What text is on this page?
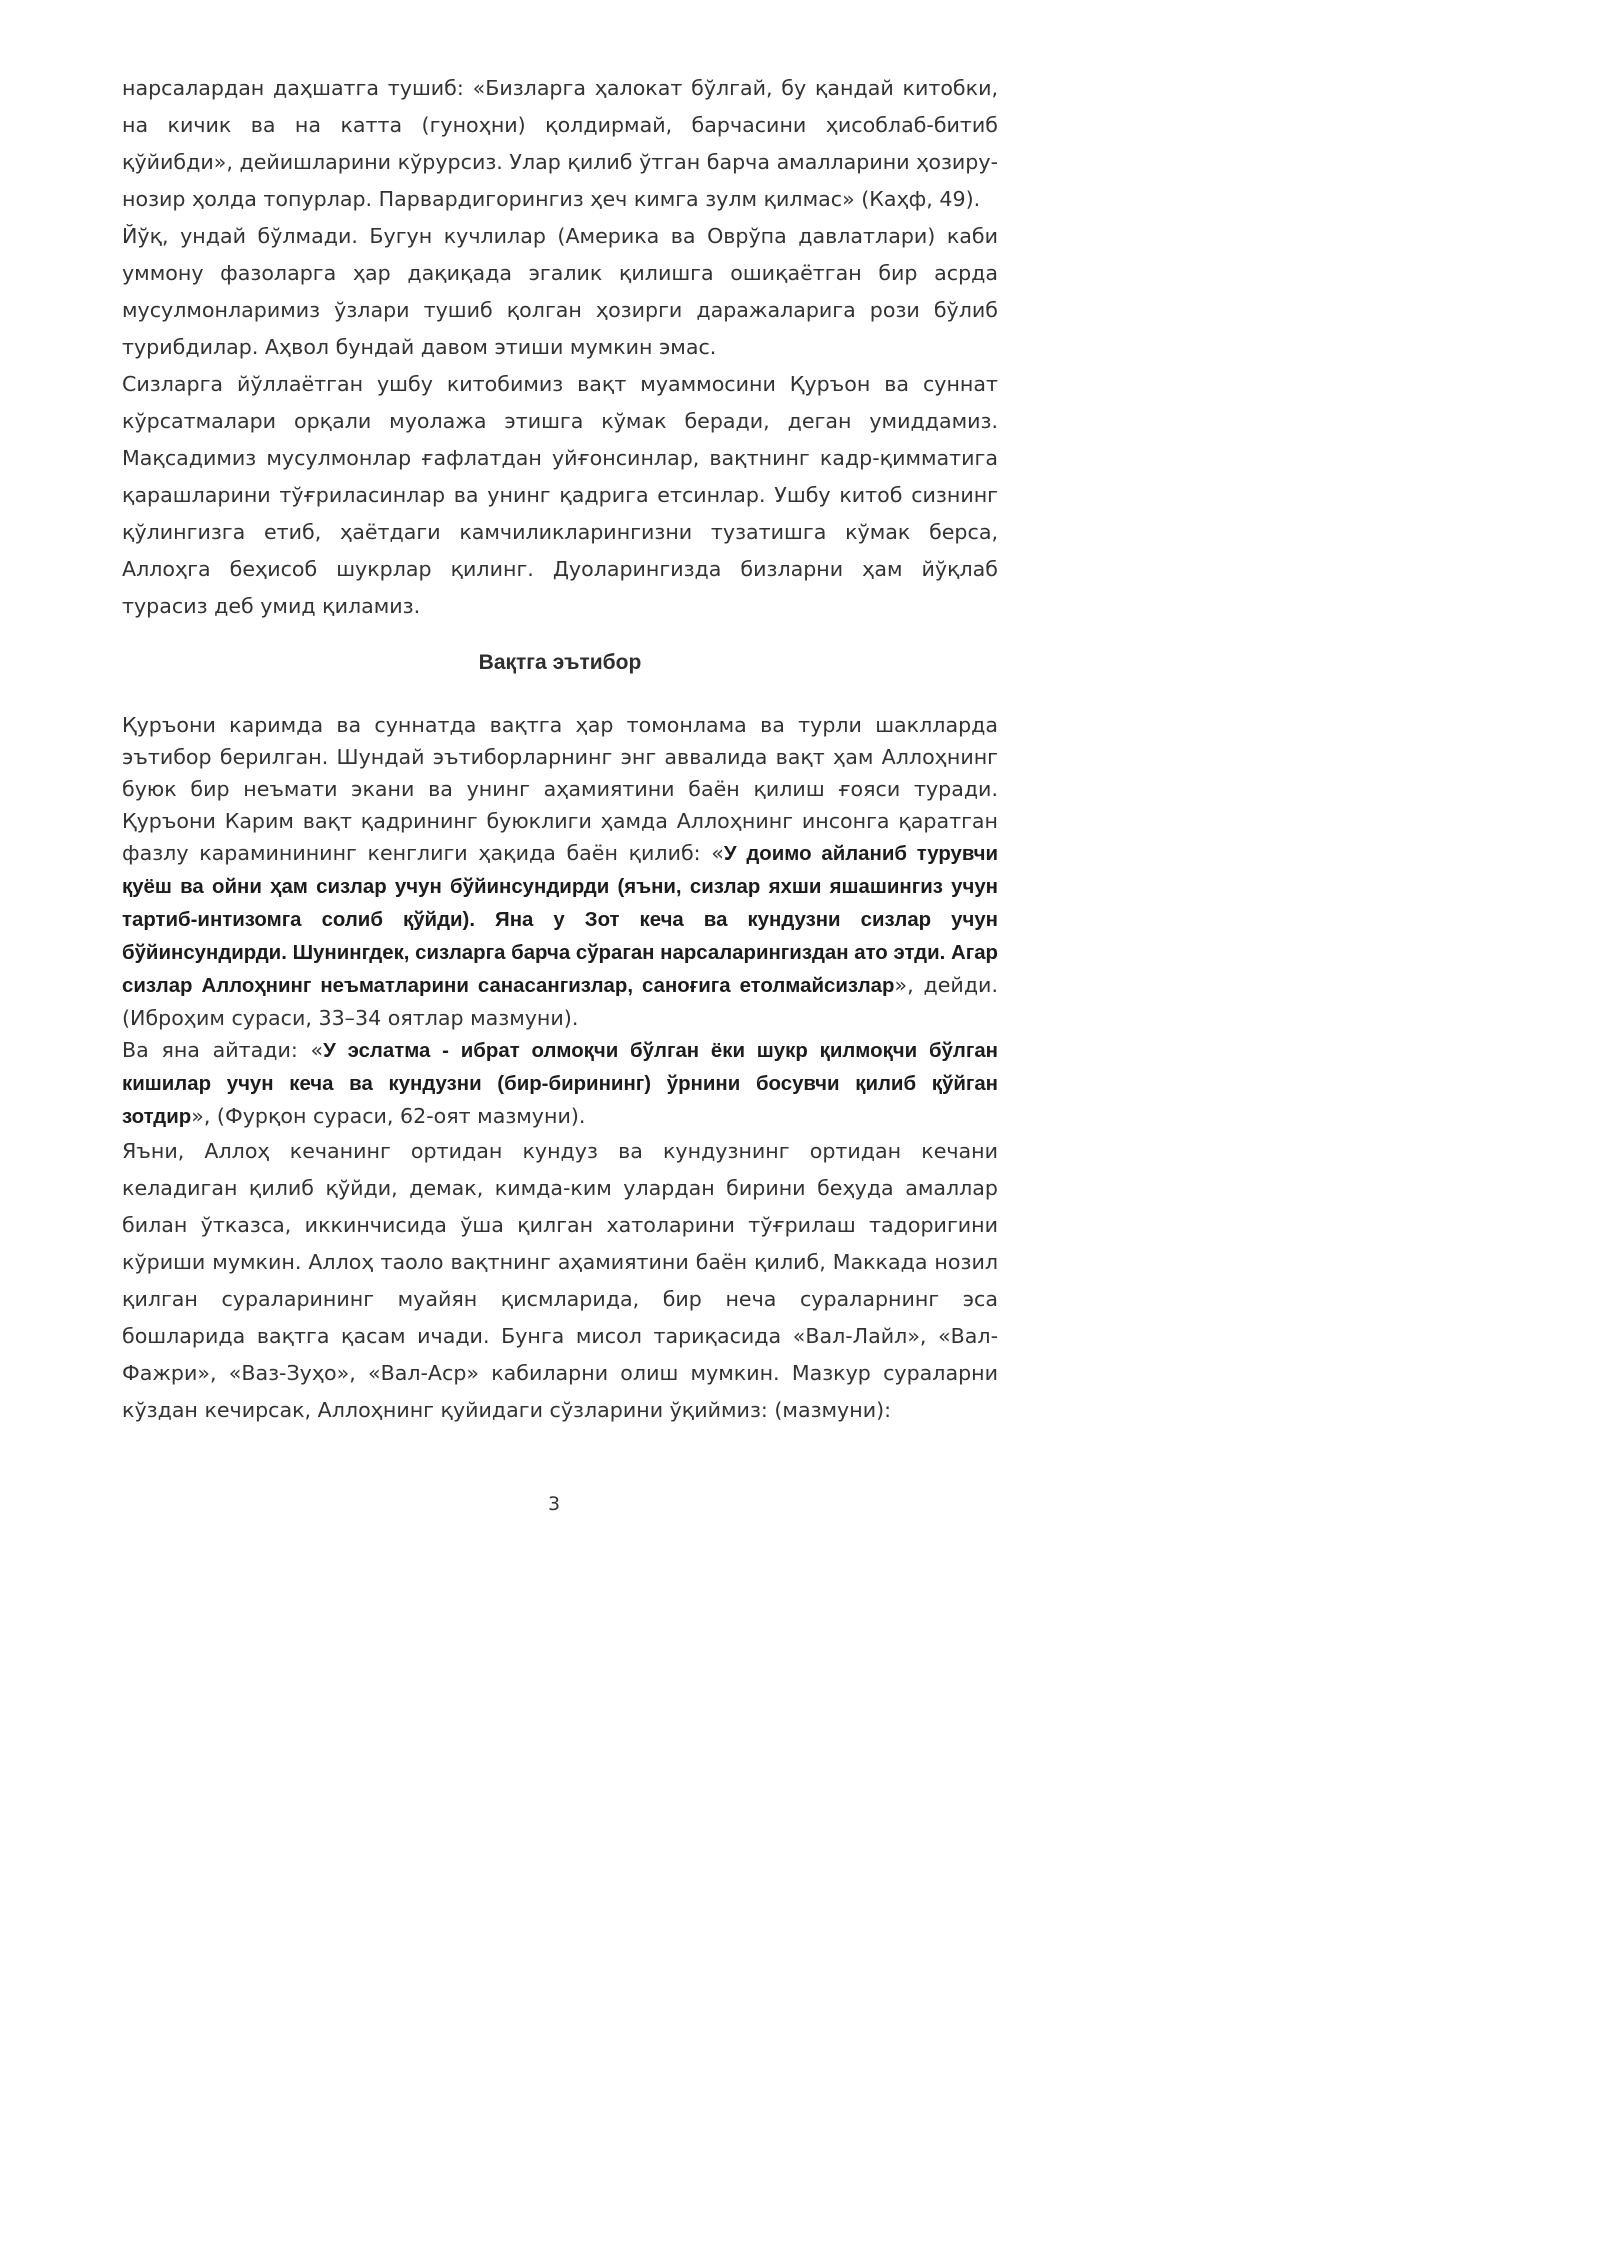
нарсалардан даҳшатга тушиб: «Бизларга ҳалокат бўлгай, бу қандай китобки, на кичик ва на катта (гуноҳни) қолдирмай, барчасини ҳисоблаб-битиб қўйибди», дейишларини кўрурсиз. Улар қилиб ўтган барча амалларини ҳозиру-нозир ҳолда топурлар. Парвардигорингиз ҳеч кимга зулм қилмас» (Каҳф, 49).

Йўқ, ундай бўлмади. Бугун кучлилар (Америка ва Оврўпа давлатлари) каби уммону фазоларга ҳар дақиқада эгалик қилишга ошиқаётган бир асрда мусулмонларимиз ўзлари тушиб қолган ҳозирги даражаларига рози бўлиб турибдилар. Аҳвол бундай давом этиши мумкин эмас.

Сизларга йўллаётган ушбу китобимиз вақт муаммосини Қуръон ва суннат кўрсатмалари орқали муолажа этишга кўмак беради, деган умиддамиз. Мақсадимиз мусулмонлар ғафлатдан уйғонсинлар, вақтнинг кадр-қимматига қарашларини тўғриласинлар ва унинг қадрига етсинлар. Ушбу китоб сизнинг қўлингизга етиб, ҳаётдаги камчиликларингизни тузатишга кўмак берса, Аллоҳга беҳисоб шукрлар қилинг. Дуоларингизда бизларни ҳам йўқлаб турасиз деб умид қиламиз.

Вақтга эътибор

Қуръони каримда ва суннатда вақтга ҳар томонлама ва турли шаклларда эътибор берилган. Шундай эътиборларнинг энг аввалида вақт ҳам Аллоҳнинг буюк бир неъмати экани ва унинг аҳамиятини баён қилиш ғояси туради. Қуръони Карим вақт қадрининг буюклиги ҳамда Аллоҳнинг инсонга қаратган фазлу караминининг кенглиги ҳақида баён қилиб: «У доимо айланиб турувчи қуёш ва ойни ҳам сизлар учун бўйинсундирди (яъни, сизлар яхши яшашингиз учун тартиб-интизомга солиб қўйди). Яна у Зот кеча ва кундузни сизлар учун бўйинсундирди. Шунингдек, сизларга барча сўраган нарсаларингиздан ато этди. Агар сизлар Аллоҳнинг неъматларини санасангизлар, саноғига етолмайсизлар», дейди. (Иброҳим сураси, 33–34 оятлар мазмуни).

Ва яна айтади: «У эслатма - ибрат олмоқчи бўлган ёки шукр қилмоқчи бўлган кишилар учун кеча ва кундузни (бир-бирининг) ўрнини босувчи қилиб қўйган зотдир», (Фурқон сураси, 62-оят мазмуни).

Яъни, Аллоҳ кечанинг ортидан кундуз ва кундузнинг ортидан кечани келадиган қилиб қўйди, демак, кимда-ким улардан бирини беҳуда амаллар билан ўтказса, иккинчисида ўша қилган хатоларини тўғрилаш тадоригини кўриши мумкин. Аллоҳ таоло вақтнинг аҳамиятини баён қилиб, Маккада нозил қилган сураларининг муайян қисмларида, бир неча сураларнинг эса бошларида вақтга қасам ичади. Бунга мисол тариқасида «Вал-Лайл», «Вал-Фажри», «Ваз-Зуҳо», «Вал-Аср» кабиларни олиш мумкин. Мазкур сураларни кўздан кечирсак, Аллоҳнинг қуйидаги сўзларини ўқиймиз: (мазмуни):

3
